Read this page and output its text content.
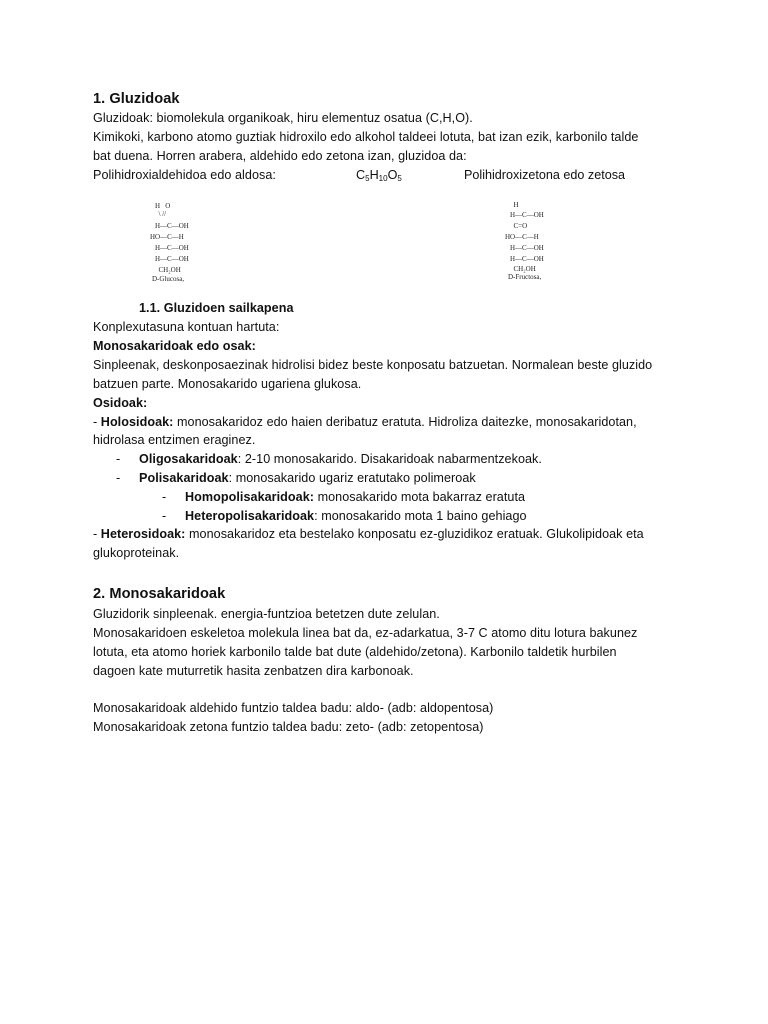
1. Gluzidoak
Gluzidoak: biomolekula organikoak, hiru elementuz osatua (C,H,O).
Kimikoki, karbono atomo guztiak hidroxilo edo alkohol taldeei lotuta, bat izan ezik, karbonilo talde
bat duena. Horren arabera, aldehido edo zetona izan, gluzidoa da:
Polihidroxialdehidoa edo aldosa:	$C_5H_{10}O_5$	Polihidroxizetona edo zetosa
H   O
\ //
H—C—OH
HO—C—H
H—C—OH
H—C—OH
CH₂OH
D-Glucosa,
H
H—C—OH
C=O
HO—C—H
H—C—OH
H—C—OH
CH₂OH
D-Fructosa,
1.1. Gluzidoen sailkapena
Konplexutasuna kontuan hartuta:
Monosakaridoak edo osak:
Sinpleenak, deskonposaezinak hidrolisi bidez beste konposatu batzuetan. Normalean beste gluzido
batzuen parte. Monosakarido ugariena glukosa.
Osidoak:
- Holosidoak: monosakaridoz edo haien deribatuz eratuta. Hidroliza daitezke, monosakaridotan,
hidrolasa entzimen eraginez.
- Oligosakaridoak: 2-10 monosakarido. Disakaridoak nabarmentzekoak.
- Polisakaridoak: monosakarido ugariz eratutako polimeroak
- Homopolisakaridoak: monosakarido mota bakarraz eratuta
- Heteropolisakaridoak: monosakarido mota 1 baino gehiago
- Heterosidoak: monosakaridoz eta bestelako konposatu ez-gluzidikoz eratuak. Glukolipidoak eta
glukoproteinak.
2. Monosakaridoak
Gluzidorik sinpleenak. energia-funtzioa betetzen dute zelulan.
Monosakaridoen eskeletoa molekula linea bat da, ez-adarkatua, 3-7 C atomo ditu lotura bakunez
lotuta, eta atomo horiek karbonilo talde bat dute (aldehido/zetona). Karbonilo taldetik hurbilen
dagoen kate muturretik hasita zenbatzen dira karbonoak.
Monosakaridoak aldehido funtzio taldea badu: aldo- (adb: aldopentosa)
Monosakaridoak zetona funtzio taldea badu: zeto- (adb: zetopentosa)
